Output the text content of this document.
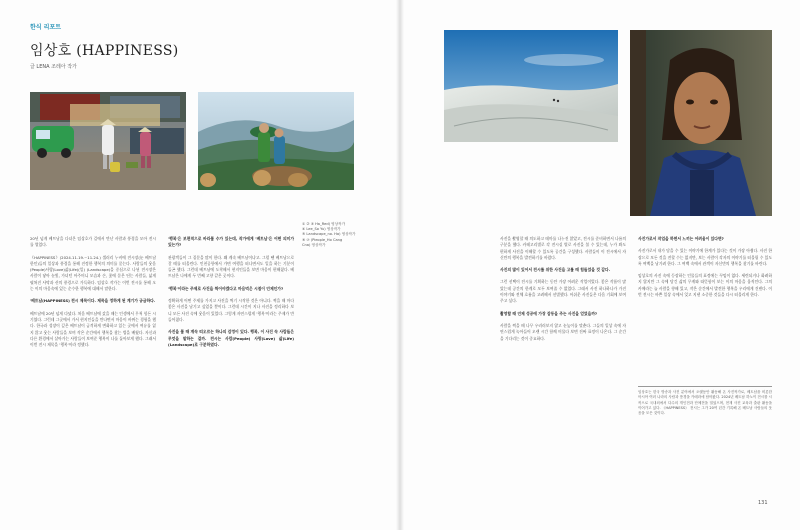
한식 리포트
임상호 (HAPPINESS)
글 LENA 조레아 작가
① ② ③ Ha_Red) 영상작가
④ Lee_So Yu) 영상작가
⑤ Landscape_no. Ha) 영상작가
⑥ ⑦ (Pieople_Ho Cang
Cna) 영상작가

20년 넘게 베트남을 다녀온 임상호가 길에서 만난 사람과 풍경을 모아 전시를 열었다.

《HAPPINESS》(2024.11.19.~11.24.) 셀러리 누비에 전시장(눈 베트남 한인)들의 일상과 풍경을 통해 진정한 행복의 의미를 묻는다. 사람들의 웃음(People)사랑(Love)삶(Life)(일) (Landscape)을 중심으로 나뉜 전시장은 사람이 닿아 눈빛, 가녀던 아주머니 모습과 손, 꽃에 묻은 딘는 사람들, 넓게 펼쳐진 사막과 산의 풍경으로 가득하다. 임상호 작가는 이번 전시를 통해 오는 이의 마음속에 있는 순수한 행복에 대해서 말한다.

'베트남(HAPPINESS) 전시 제목이다. 제목을 정하게 된 계기가 궁금하다.

베트남에 20년 넘게 다녔다. 처음 베트남에 갔을 때는 인생에서 무척 힘든 시기였다. 그런데 그곳에서 가서 현지인들을 만나면서 마음이 바뀌는 경험을 했다. 한국과 성장이 깊은 베트남이 급격하게 변화하고 있는 곳에서 여유를 잃지 않고 웃는 사람들을 보며 작은 순간에서 행복을 찾는 법을 배웠다. 자신과 다른 환경에서 살아가는 사람들이 보여준 행복이 나를 돌아보게 했다. 그래서 이번 전시 제목을 '행복'이라 정했다.

'행복'은 보편적으로 바라볼 수가 있는데, 작가에게 '베트남'은 어떤 의미가 있는가?

관광객들이 그 질문을 많이 한다. 왜 계속 베트남이냐고. 그럴 땐 베트남으로 갈 때를 떠올린다. 인천공항에서 가면 여행을 떠나면서도 일을 하는 기분이 들곤 했다. 그런데 베트남에 도착해서 현지인들을 보면 마음이 편해졌다. 베트남은 나에게 두 번째 고향 같은 곳이다.

'행복'이라는 주제로 사진을 찍어야겠다고 마음먹은 시점이 언제인가?

정확하게 어떤 주제를 가지고 사진을 찍기 시작한 것은 아니다. 찍을 때 마다 좋은 사진을 남기고 싶었을 뿐이다. 그런데 시간이 지나 사진을 정리하다 보니 모든 사진 속에 웃음이 있었다. 그렇게 자연스럽게 '행복'이라는 주제가 만들어졌다.

사진을 볼 때 계속 떠오르는 하나의 감정이 있다. 행복, 이 사진 속 사람들은 무엇을 말하는 걸까. 전시는 사람(People) 사랑(Love) 삶(Life) (Landscape)로 구분하였다.

사진을 촬영할 때 의도하고 테마를 나누진 않았고, 전시를 준비하면서 나름의 구분을 했다. 카테고리별로 각 전시실 별로 사진을 볼 수 있는데, 누가 봐도 편하게 사진을 이해할 수 있도록 공간을 구성했다. 사람들이 이 전시에서 자신만의 행복을 발견하기를 바랐다.

사진의 많이 있어서 전시를 위한 사진을 고를 때 힘들었을 것 같다.

그런 선택이 전시를 기획하는 동안 가장 어려운 작업이었다. 좋은 작품이 많았는데 공간의 한계로 모두 보여줄 수 없었다. 그래서 사진 하나하나가 가진 이야기와 전체 흐름을 고려해서 선별했다. 아쉬운 사진들은 다음 기회에 보여주고 싶다.

촬영할 때 언제 성공에 가장 감동을 주는 사진을 얻었을까?

사람을 찍을 때 나무 우러러보지 않고 눈높이를 맞춘다. 그들의 일상 속에 자연스럽게 녹아들어 오랜 시간 함께 머물다 보면 진짜 표정이 나온다. 그 순간을 기다리는 것이 중요하다.

사진가로서 작업을 하면서 느끼는 어려움이 있다면?

사진가로서 내가 담을 수 있는 이야기에 한계가 있다는 것이 가장 아쉽다. 사진 한 장으로 모든 것을 전할 수는 없지만, 보는 사람이 각자의 이야기를 떠올릴 수 있도록 여백을 남기려 한다. 그 여백 속에서 관객이 자신만의 행복을 찾기를 바란다.

임상호의 사진 속에 등장하는 인물들의 표정에는 꾸밈이 없다. 세련되거나 화려하지 않지만 그 속에 담긴 삶의 무게와 따뜻함이 보는 이의 마음을 움직인다. 그의 카메라는 늘 사람을 향해 있고, 작은 순간에서 발견한 행복을 우리에게 건넨다. 이번 전시는 바쁜 일상 속에서 잊고 지낸 소중한 것들을 다시 떠올리게 한다.

임상호는 한국 방송과 사진 분야에서 오랫동안 활동해 온 사진작가로, 베트남을 비롯한 아시아 여러 나라의 사람과 풍경을 카메라에 담아왔다. 2024년 베트남 하노이 전시를 시작으로 국내외에서 다수의 개인전과 단체전을 열었으며, 현재 사진 교육과 출판 활동을 이어가고 있다. 《HAPPINESS》 전시는 그가 20여 년간 기록해 온 베트남 사람들의 웃음을 모은 것이다.
131
